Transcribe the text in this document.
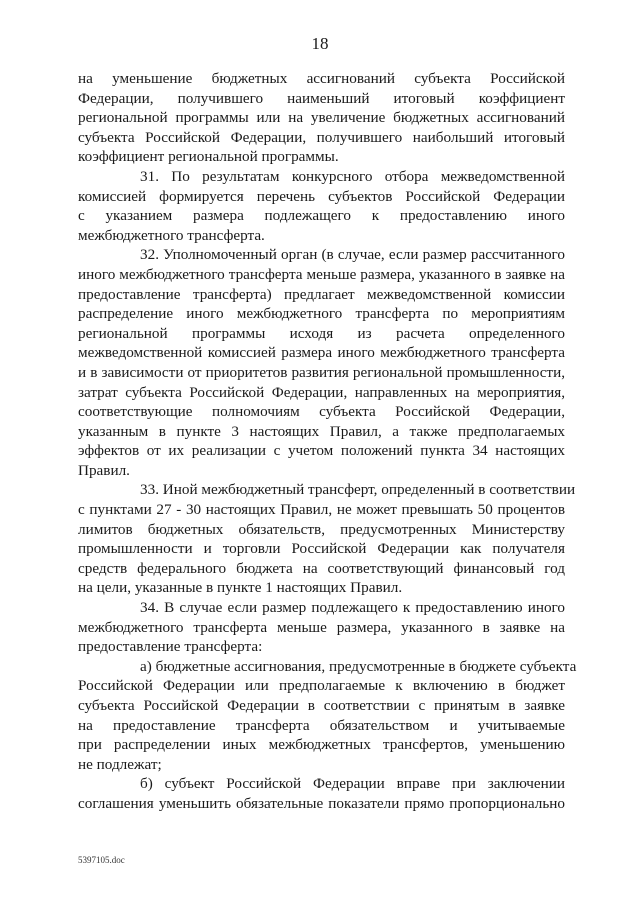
18
на уменьшение бюджетных ассигнований субъекта Российской
Федерации, получившего наименьший итоговый коэффициент
региональной программы или на увеличение бюджетных ассигнований
субъекта Российской Федерации, получившего наибольший итоговый
коэффициент региональной программы.
31. По результатам конкурсного отбора межведомственной
комиссией формируется перечень субъектов Российской Федерации
с указанием размера подлежащего к предоставлению иного
межбюджетного трансферта.
32. Уполномоченный орган (в случае, если размер рассчитанного
иного межбюджетного трансферта меньше размера, указанного в заявке на
предоставление трансферта) предлагает межведомственной комиссии
распределение иного межбюджетного трансферта по мероприятиям
региональной программы исходя из расчета определенного
межведомственной комиссией размера иного межбюджетного трансферта
и в зависимости от приоритетов развития региональной промышленности,
затрат субъекта Российской Федерации, направленных на мероприятия,
соответствующие полномочиям субъекта Российской Федерации,
указанным в пункте 3 настоящих Правил, а также предполагаемых
эффектов от их реализации с учетом положений пункта 34 настоящих
Правил.
33. Иной межбюджетный трансферт, определенный в соответствии
с пунктами 27 - 30 настоящих Правил, не может превышать 50 процентов
лимитов бюджетных обязательств, предусмотренных Министерству
промышленности и торговли Российской Федерации как получателя
средств федерального бюджета на соответствующий финансовый год
на цели, указанные в пункте 1 настоящих Правил.
34. В случае если размер подлежащего к предоставлению иного
межбюджетного трансферта меньше размера, указанного в заявке на
предоставление трансферта:
а) бюджетные ассигнования, предусмотренные в бюджете субъекта
Российской Федерации или предполагаемые к включению в бюджет
субъекта Российской Федерации в соответствии с принятым в заявке
на предоставление трансферта обязательством и учитываемые
при распределении иных межбюджетных трансфертов, уменьшению
не подлежат;
б) субъект Российской Федерации вправе при заключении
соглашения уменьшить обязательные показатели прямо пропорционально
5397105.doc
